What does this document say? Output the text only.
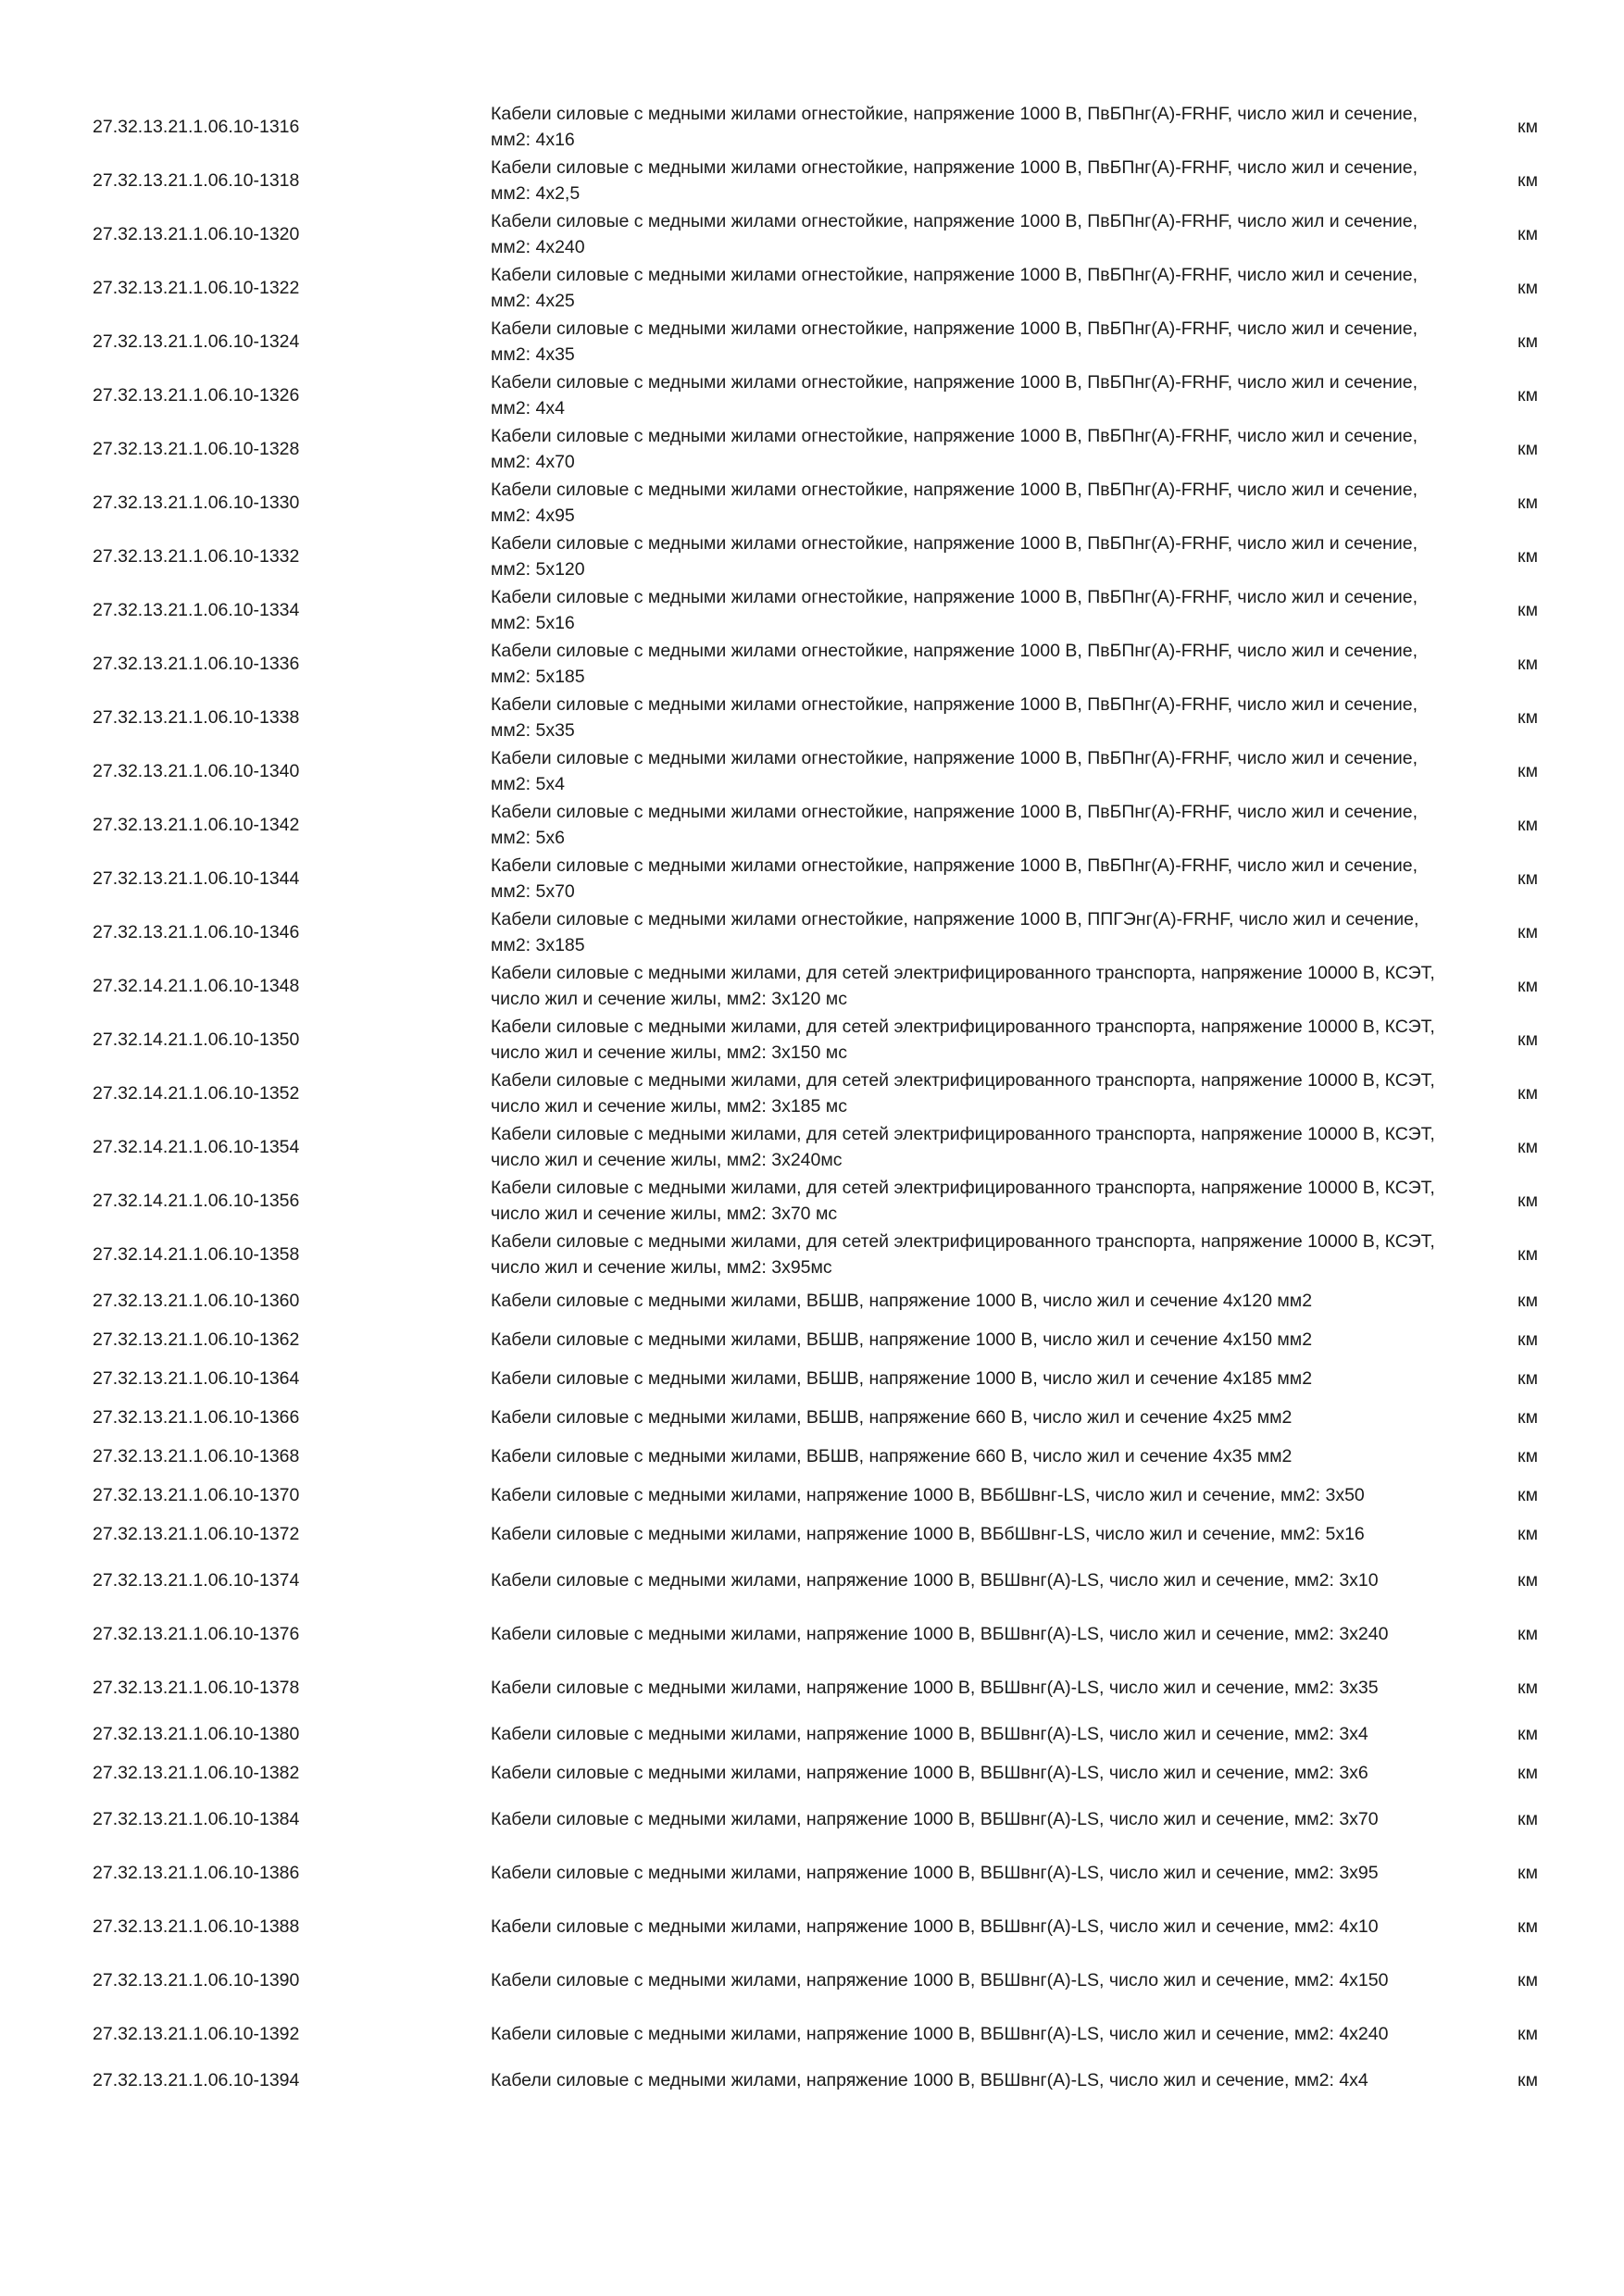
27.32.13.21.1.06.10-1316	Кабели силовые с медными жилами огнестойкие, напряжение 1000 В, ПвБПнг(А)-FRHF, число жил и сечение, мм2: 4х16	км
27.32.13.21.1.06.10-1318	Кабели силовые с медными жилами огнестойкие, напряжение 1000 В, ПвБПнг(А)-FRHF, число жил и сечение, мм2: 4х2,5	км
27.32.13.21.1.06.10-1320	Кабели силовые с медными жилами огнестойкие, напряжение 1000 В, ПвБПнг(А)-FRHF, число жил и сечение, мм2: 4х240	км
27.32.13.21.1.06.10-1322	Кабели силовые с медными жилами огнестойкие, напряжение 1000 В, ПвБПнг(А)-FRHF, число жил и сечение, мм2: 4х25	км
27.32.13.21.1.06.10-1324	Кабели силовые с медными жилами огнестойкие, напряжение 1000 В, ПвБПнг(А)-FRHF, число жил и сечение, мм2: 4х35	км
27.32.13.21.1.06.10-1326	Кабели силовые с медными жилами огнестойкие, напряжение 1000 В, ПвБПнг(А)-FRHF, число жил и сечение, мм2: 4х4	км
27.32.13.21.1.06.10-1328	Кабели силовые с медными жилами огнестойкие, напряжение 1000 В, ПвБПнг(А)-FRHF, число жил и сечение, мм2: 4х70	км
27.32.13.21.1.06.10-1330	Кабели силовые с медными жилами огнестойкие, напряжение 1000 В, ПвБПнг(А)-FRHF, число жил и сечение, мм2: 4х95	км
27.32.13.21.1.06.10-1332	Кабели силовые с медными жилами огнестойкие, напряжение 1000 В, ПвБПнг(А)-FRHF, число жил и сечение, мм2: 5х120	км
27.32.13.21.1.06.10-1334	Кабели силовые с медными жилами огнестойкие, напряжение 1000 В, ПвБПнг(А)-FRHF, число жил и сечение, мм2: 5х16	км
27.32.13.21.1.06.10-1336	Кабели силовые с медными жилами огнестойкие, напряжение 1000 В, ПвБПнг(А)-FRHF, число жил и сечение, мм2: 5х185	км
27.32.13.21.1.06.10-1338	Кабели силовые с медными жилами огнестойкие, напряжение 1000 В, ПвБПнг(А)-FRHF, число жил и сечение, мм2: 5х35	км
27.32.13.21.1.06.10-1340	Кабели силовые с медными жилами огнестойкие, напряжение 1000 В, ПвБПнг(А)-FRHF, число жил и сечение, мм2: 5х4	км
27.32.13.21.1.06.10-1342	Кабели силовые с медными жилами огнестойкие, напряжение 1000 В, ПвБПнг(А)-FRHF, число жил и сечение, мм2: 5х6	км
27.32.13.21.1.06.10-1344	Кабели силовые с медными жилами огнестойкие, напряжение 1000 В, ПвБПнг(А)-FRHF, число жил и сечение, мм2: 5х70	км
27.32.13.21.1.06.10-1346	Кабели силовые с медными жилами огнестойкие, напряжение 1000 В, ППГЭнг(А)-FRHF, число жил и сечение, мм2: 3х185	км
27.32.14.21.1.06.10-1348	Кабели силовые с медными жилами, для сетей электрифицированного транспорта, напряжение 10000 В, КСЭТ, число жил и сечение жилы, мм2: 3х120 мс	км
27.32.14.21.1.06.10-1350	Кабели силовые с медными жилами, для сетей электрифицированного транспорта, напряжение 10000 В, КСЭТ, число жил и сечение жилы, мм2: 3х150 мс	км
27.32.14.21.1.06.10-1352	Кабели силовые с медными жилами, для сетей электрифицированного транспорта, напряжение 10000 В, КСЭТ, число жил и сечение жилы, мм2: 3х185 мс	км
27.32.14.21.1.06.10-1354	Кабели силовые с медными жилами, для сетей электрифицированного транспорта, напряжение 10000 В, КСЭТ, число жил и сечение жилы, мм2: 3х240мс	км
27.32.14.21.1.06.10-1356	Кабели силовые с медными жилами, для сетей электрифицированного транспорта, напряжение 10000 В, КСЭТ, число жил и сечение жилы, мм2: 3х70 мс	км
27.32.14.21.1.06.10-1358	Кабели силовые с медными жилами, для сетей электрифицированного транспорта, напряжение 10000 В, КСЭТ, число жил и сечение жилы, мм2: 3х95мс	км
27.32.13.21.1.06.10-1360	Кабели силовые с медными жилами, ВБШВ, напряжение 1000 В, число жил и сечение 4х120 мм2	км
27.32.13.21.1.06.10-1362	Кабели силовые с медными жилами, ВБШВ, напряжение 1000 В, число жил и сечение 4х150 мм2	км
27.32.13.21.1.06.10-1364	Кабели силовые с медными жилами, ВБШВ, напряжение 1000 В, число жил и сечение 4х185 мм2	км
27.32.13.21.1.06.10-1366	Кабели силовые с медными жилами, ВБШВ, напряжение 660 В, число жил и сечение 4х25 мм2	км
27.32.13.21.1.06.10-1368	Кабели силовые с медными жилами, ВБШВ, напряжение 660 В, число жил и сечение 4х35 мм2	км
27.32.13.21.1.06.10-1370	Кабели силовые с медными жилами, напряжение 1000 В, ВБбШвнг-LS, число жил и сечение, мм2: 3х50	км
27.32.13.21.1.06.10-1372	Кабели силовые с медными жилами, напряжение 1000 В, ВБбШвнг-LS, число жил и сечение, мм2: 5х16	км
27.32.13.21.1.06.10-1374	Кабели силовые с медными жилами, напряжение 1000 В, ВБШвнг(А)-LS, число жил и сечение, мм2: 3х10	км
27.32.13.21.1.06.10-1376	Кабели силовые с медными жилами, напряжение 1000 В, ВБШвнг(А)-LS, число жил и сечение, мм2: 3х240	км
27.32.13.21.1.06.10-1378	Кабели силовые с медными жилами, напряжение 1000 В, ВБШвнг(А)-LS, число жил и сечение, мм2: 3х35	км
27.32.13.21.1.06.10-1380	Кабели силовые с медными жилами, напряжение 1000 В, ВБШвнг(А)-LS, число жил и сечение, мм2: 3х4	км
27.32.13.21.1.06.10-1382	Кабели силовые с медными жилами, напряжение 1000 В, ВБШвнг(А)-LS, число жил и сечение, мм2: 3х6	км
27.32.13.21.1.06.10-1384	Кабели силовые с медными жилами, напряжение 1000 В, ВБШвнг(А)-LS, число жил и сечение, мм2: 3х70	км
27.32.13.21.1.06.10-1386	Кабели силовые с медными жилами, напряжение 1000 В, ВБШвнг(А)-LS, число жил и сечение, мм2: 3х95	км
27.32.13.21.1.06.10-1388	Кабели силовые с медными жилами, напряжение 1000 В, ВБШвнг(А)-LS, число жил и сечение, мм2: 4х10	км
27.32.13.21.1.06.10-1390	Кабели силовые с медными жилами, напряжение 1000 В, ВБШвнг(А)-LS, число жил и сечение, мм2: 4х150	км
27.32.13.21.1.06.10-1392	Кабели силовые с медными жилами, напряжение 1000 В, ВБШвнг(А)-LS, число жил и сечение, мм2: 4х240	км
27.32.13.21.1.06.10-1394	Кабели силовые с медными жилами, напряжение 1000 В, ВБШвнг(А)-LS, число жил и сечение, мм2: 4х4	км
